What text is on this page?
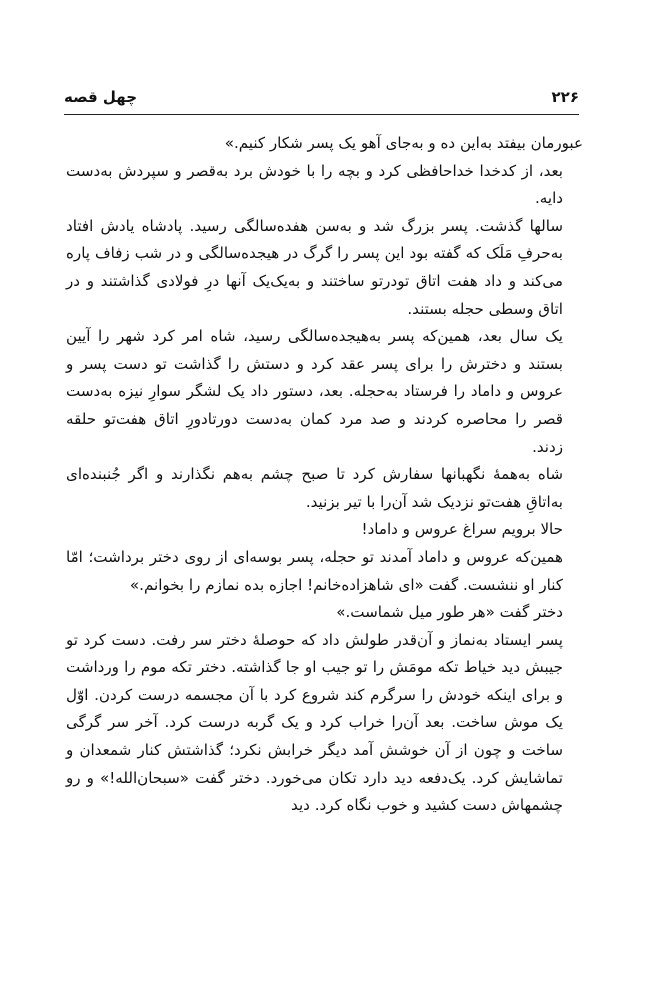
چهل قصه	۲۲۶

عبورمان بیفتد به‌این ده و به‌جای آهو یک پسر شکار کنیم.»

بعد، از کدخدا خداحافظی کرد و بچه را با خودش برد به‌قصر و سپردش به‌دست دایه.

سالها گذشت. پسر بزرگ شد و به‌سن هفده‌سالگی رسید. پادشاه یادش افتاد به‌حرفِ مَلَک که گفته بود این پسر را گرگ در هیجده‌سالگی و در شب زفاف پاره می‌کند و داد هفت اتاق تودرتو ساختند و به‌یک‌یک آنها درِ فولادی گذاشتند و در اتاق وسطی حجله بستند.

یک سال بعد، همین‌که پسر به‌هیجده‌سالگی رسید، شاه امر کرد شهر را آیین بستند و دخترش را برای پسر عقد کرد و دستش را گذاشت تو دست پسر و عروس و داماد را فرستاد به‌حجله. بعد، دستور داد یک لشگر سوارِ نیزه به‌دست قصر را محاصره کردند و صد مرد کمان به‌دست دورتادورِ اتاق هفت‌تو حلقه زدند.

شاه به‌همهٔ نگهبانها سفارش کرد تا صبح چشم به‌هم نگذارند و اگر جُنبنده‌ای به‌اتاقِ هفت‌تو نزدیک شد آن‌را با تیر بزنید.

حالا برویم سراغ عروس و داماد!

همین‌که عروس و داماد آمدند تو حجله، پسر بوسه‌ای از روی دختر برداشت؛ امّا کنار او ننشست. گفت «ای شاهزاده‌خانم! اجازه بده نمازم را بخوانم.»

دختر گفت «هر طور میل شماست.»

پسر ایستاد به‌نماز و آن‌قدر طولش داد که حوصلهٔ دختر سر رفت. دست کرد تو جیبش دید خیاط تکه مومَش را تو جیب او جا گذاشته. دختر تکه موم را ورداشت و برای اینکه خودش را سرگرم کند شروع کرد با آن مجسمه درست کردن. اوّل یک موش ساخت. بعد آن‌را خراب کرد و یک گربه درست کرد. آخر سر گرگی ساخت و چون از آن خوشش آمد دیگر خرابش نکرد؛ گذاشتش کنار شمعدان و تماشایش کرد. یک‌دفعه دید دارد تکان می‌خورد. دختر گفت «سبحان‌الله!» و رو چشمهاش دست کشید و خوب نگاه کرد. دید
